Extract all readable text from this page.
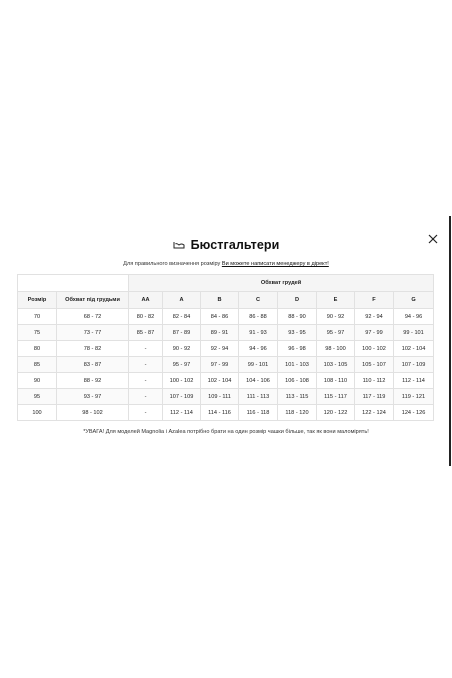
Бюстгальтери
Для правильного визначення розміру Ви можете написати менеджеру в дірект!
		Обхват грудей							
Розмір	Обхват під грудьми	AA	A	B	C	D	E	F	G
70	68 - 72	80 - 82	82 - 84	84 - 86	86 - 88	88 - 90	90 - 92	92 - 94	94 - 96
75	73 - 77	85 - 87	87 - 89	89 - 91	91 - 93	93 - 95	95 - 97	97 - 99	99 - 101
80	78 - 82	-	90 - 92	92 - 94	94 - 96	96 - 98	98 - 100	100 - 102	102 - 104
85	83 - 87	-	95 - 97	97 - 99	99 - 101	101 - 103	103 - 105	105 - 107	107 - 109
90	88 - 92	-	100 - 102	102 - 104	104 - 106	106 - 108	108 - 110	110 - 112	112 - 114
95	93 - 97	-	107 - 109	109 - 111	111 - 113	113 - 115	115 - 117	117 - 119	119 - 121
100	98 - 102	-	112 - 114	114 - 116	116 - 118	118 - 120	120 - 122	122 - 124	124 - 126
*УВАГА! Для моделей Magnolia і Azalea потрібно брати на один розмір чашки більше, так як вони маломірять!
